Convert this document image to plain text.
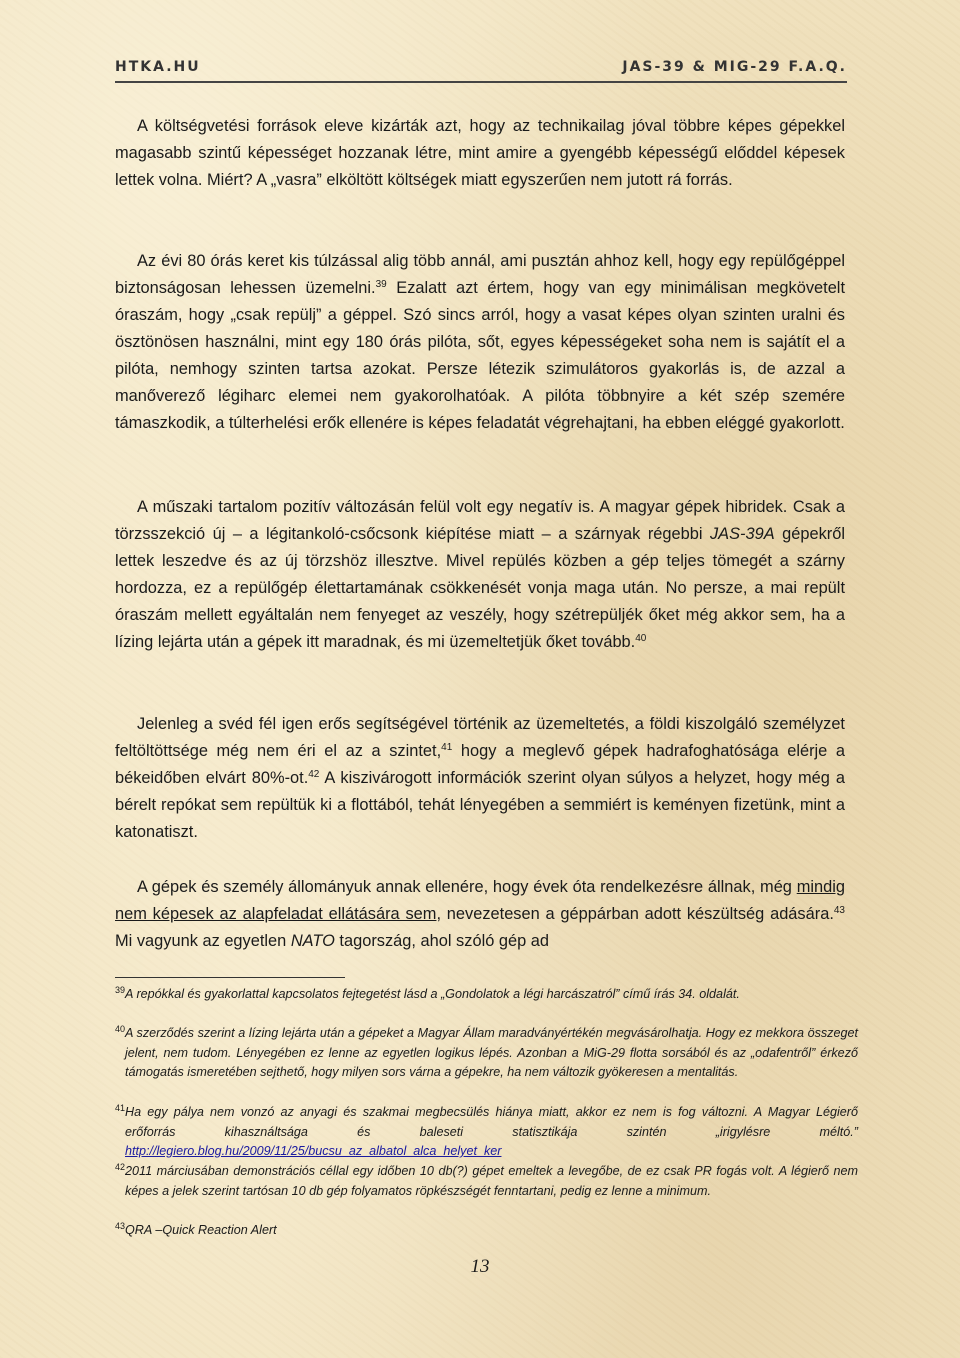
HTKA.HU	JAS-39 & MIG-29 F.A.Q.

A költségvetési források eleve kizárták azt, hogy az technikailag jóval többre képes gépekkel magasabb szintű képességet hozzanak létre, mint amire a gyengébb képességű előddel képesek lettek volna. Miért? A „vasra” elköltött költségek miatt egyszerűen nem jutott rá forrás.

Az évi 80 órás keret kis túlzással alig több annál, ami pusztán ahhoz kell, hogy egy repülőgéppel biztonságosan lehessen üzemelni.$^{39}$ Ezalatt azt értem, hogy van egy minimálisan megkövetelt óraszám, hogy „csak repülj” a géppel. Szó sincs arról, hogy a vasat képes olyan szinten uralni és ösztönösen használni, mint egy 180 órás pilóta, sőt, egyes képességeket soha nem is sajátít el a pilóta, nemhogy szinten tartsa azokat. Persze létezik szimulátoros gyakorlás is, de azzal a manőverező légiharc elemei nem gyakorolhatóak. A pilóta többnyire a két szép szemére támaszkodik, a túlterhelési erők ellenére is képes feladatát végrehajtani, ha ebben eléggé gyakorlott.

A műszaki tartalom pozitív változásán felül volt egy negatív is. A magyar gépek hibridek. Csak a törzsszekció új – a légitankoló-csőcsonk kiépítése miatt – a szárnyak régebbi JAS-39A gépekről lettek leszedve és az új törzshöz illesztve. Mivel repülés közben a gép teljes tömegét a szárny hordozza, ez a repülőgép élettartamának csökkenését vonja maga után. No persze, a mai repült óraszám mellett egyáltalán nem fenyeget az veszély, hogy szétrepüljék őket még akkor sem, ha a lízing lejárta után a gépek itt maradnak, és mi üzemeltetjük őket tovább.$^{40}$

Jelenleg a svéd fél igen erős segítségével történik az üzemeltetés, a földi kiszolgáló személyzet feltöltöttsége még nem éri el az a szintet,$^{41}$ hogy a meglevő gépek hadrafoghatósága elérje a békeidőben elvárt 80%-ot.$^{42}$ A kiszivárogott információk szerint olyan súlyos a helyzet, hogy még a bérelt repókat sem repültük ki a flottából, tehát lényegében a semmiért is keményen fizetünk, mint a katonatiszt.

A gépek és személy állományuk annak ellenére, hogy évek óta rendelkezésre állnak, még mindig nem képesek az alapfeladat ellátására sem, nevezetesen a géppárban adott készültség adására.$^{43}$ Mi vagyunk az egyetlen NATO tagország, ahol szóló gép ad

$^{39}$A repókkal és gyakorlattal kapcsolatos fejtegetést lásd a „Gondolatok a légi harcászatról” című írás 34. oldalát.

$^{40}$A szerződés szerint a lízing lejárta után a gépeket a Magyar Állam maradványértékén megvásárolhatja. Hogy ez mekkora összeget jelent, nem tudom. Lényegében ez lenne az egyetlen logikus lépés. Azonban a MiG-29 flotta sorsából és az „odafentről” érkező támogatás ismeretében sejthető, hogy milyen sors várna a gépekre, ha nem változik gyökeresen a mentalitás.

$^{41}$Ha egy pálya nem vonzó az anyagi és szakmai megbecsülés hiánya miatt, akkor ez nem is fog változni. A Magyar Légierő erőforrás kihasználtsága és baleseti statisztikája szintén „irigylésre méltó.” http://legiero.blog.hu/2009/11/25/bucsu_az_albatol_alca_helyet_ker

$^{42}$2011 márciusában demonstrációs céllal egy időben 10 db(?) gépet emeltek a levegőbe, de ez csak PR fogás volt. A légierő nem képes a jelek szerint tartósan 10 db gép folyamatos röpkészségét fenntartani, pedig ez lenne a minimum.

$^{43}$QRA –Quick Reaction Alert

13
